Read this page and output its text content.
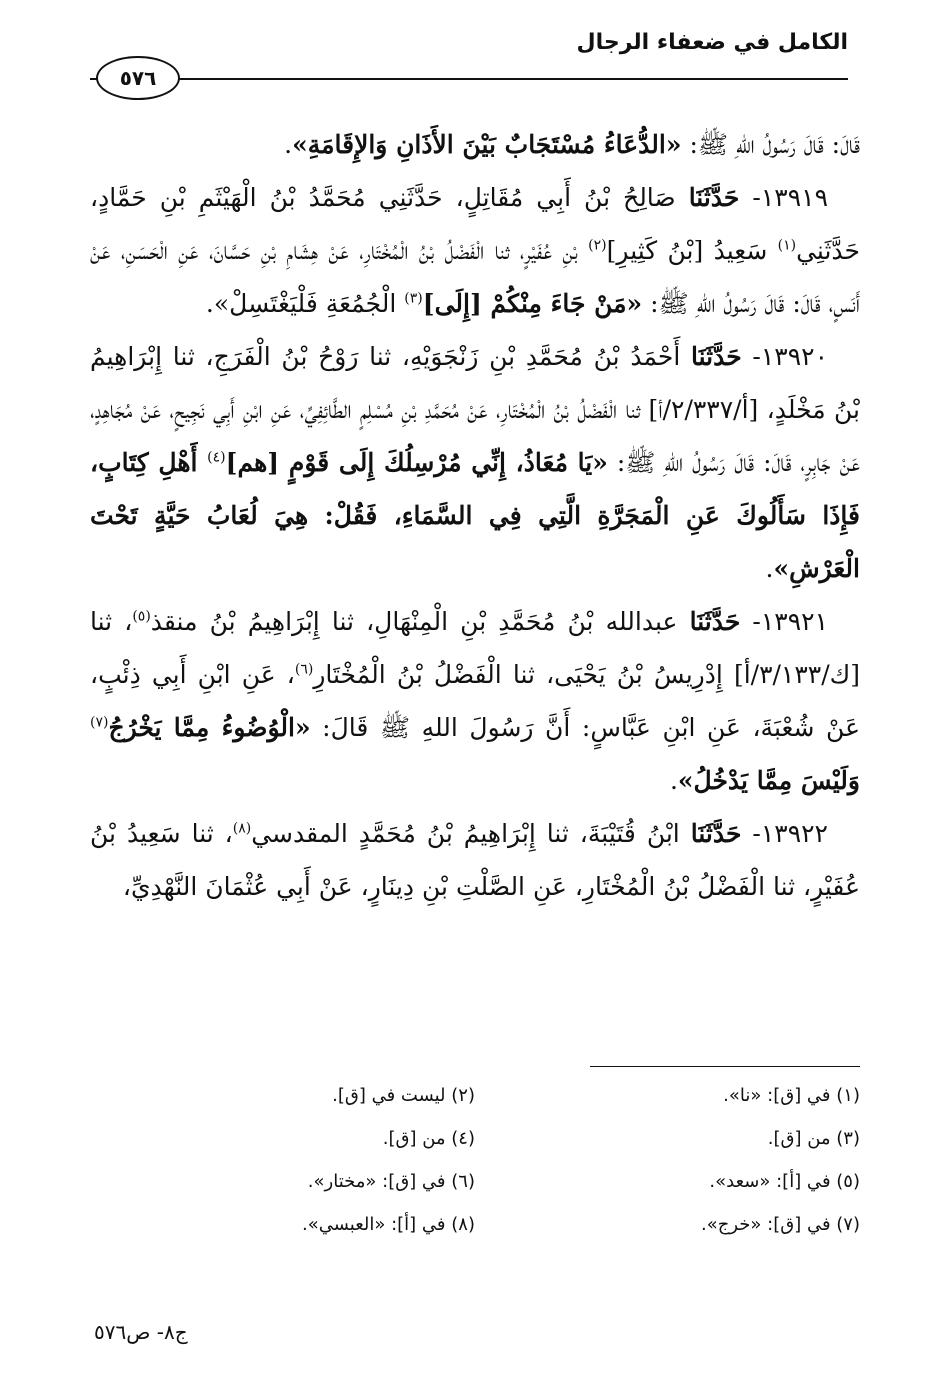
الكامل في ضعفاء الرجال
٥٧٦

قَالَ: قَالَ رَسُولُ اللهِ ﷺ: «الدُّعَاءُ مُسْتَجَابٌ بَيْنَ الأَذَانِ وَالإِقَامَةِ».

١٣٩١٩- حَدَّثَنَا صَالِحُ بْنُ أَبِي مُقَاتِلٍ، حَدَّثَنِي مُحَمَّدُ بْنُ الْهَيْثَمِ بْنِ حَمَّادٍ، حَدَّثَنِي$^{(١)}$ سَعِيدُ [بْنُ كَثِيرِ]$^{(٢)}$ بْنِ عُفَيْرٍ، ثنا الْفَضْلُ بْنُ الْمُخْتَارِ، عَنْ هِشَامِ بْنِ حَسَّانَ، عَنِ الْحَسَنِ، عَنْ أَنَسٍ، قَالَ: قَالَ رَسُولُ اللهِ ﷺ: «مَنْ جَاءَ مِنْكُمْ [إِلَى]$^{(٣)}$ الْجُمُعَةِ فَلْيَغْتَسِلْ».

١٣٩٢٠- حَدَّثَنَا أَحْمَدُ بْنُ مُحَمَّدِ بْنِ زَنْجَوَيْهِ، ثنا رَوْحُ بْنُ الْفَرَجِ، ثنا إِبْرَاهِيمُ بْنُ مَخْلَدٍ، [أ/٢/٣٣٧/أ] ثنا الْفَضْلُ بْنُ الْمُخْتَارِ، عَنْ مُحَمَّدِ بْنِ مُسْلِمٍ الطَّائِفِيِّ، عَنِ ابْنِ أَبِي نَجِيحٍ، عَنْ مُجَاهِدٍ، عَنْ جَابِرٍ، قَالَ: قَالَ رَسُولُ اللهِ ﷺ: «يَا مُعَاذُ، إِنِّي مُرْسِلُكَ إِلَى قَوْمٍ [هم]$^{(٤)}$ أَهْلِ كِتَابٍ، فَإِذَا سَأَلُوكَ عَنِ الْمَجَرَّةِ الَّتِي فِي السَّمَاءِ، فَقُلْ: هِيَ لُعَابُ حَيَّةٍ تَحْتَ الْعَرْشِ».

١٣٩٢١- حَدَّثَنَا عبدالله بْنُ مُحَمَّدِ بْنِ الْمِنْهَالِ، ثنا إِبْرَاهِيمُ بْنُ منقذ$^{(٥)}$، ثنا [ك/٣/١٣٣/أ] إِدْرِيسُ بْنُ يَحْيَى، ثنا الْفَضْلُ بْنُ الْمُخْتَارِ$^{(٦)}$، عَنِ ابْنِ أَبِي ذِئْبٍ، عَنْ شُعْبَةَ، عَنِ ابْنِ عَبَّاسٍ: أَنَّ رَسُولَ اللهِ ﷺ قَالَ: «الْوُضُوءُ مِمَّا يَخْرُجُ$^{(٧)}$ وَلَيْسَ مِمَّا يَدْخُلُ».

١٣٩٢٢- حَدَّثَنَا ابْنُ قُتَيْبَةَ، ثنا إِبْرَاهِيمُ بْنُ مُحَمَّدٍ المقدسي$^{(٨)}$، ثنا سَعِيدُ بْنُ عُفَيْرٍ، ثنا الْفَضْلُ بْنُ الْمُخْتَارِ، عَنِ الصَّلْتِ بْنِ دِينَارٍ، عَنْ أَبِي عُثْمَانَ النَّهْدِيِّ،

(١) في [ق]: «نا».
(٢) ليست في [ق].
(٣) من [ق].
(٤) من [ق].
(٥) في [أ]: «سعد».
(٦) في [ق]: «مختار».
(٧) في [ق]: «خرج».
(٨) في [أ]: «العبسي».
ج٨- ص٥٧٦
